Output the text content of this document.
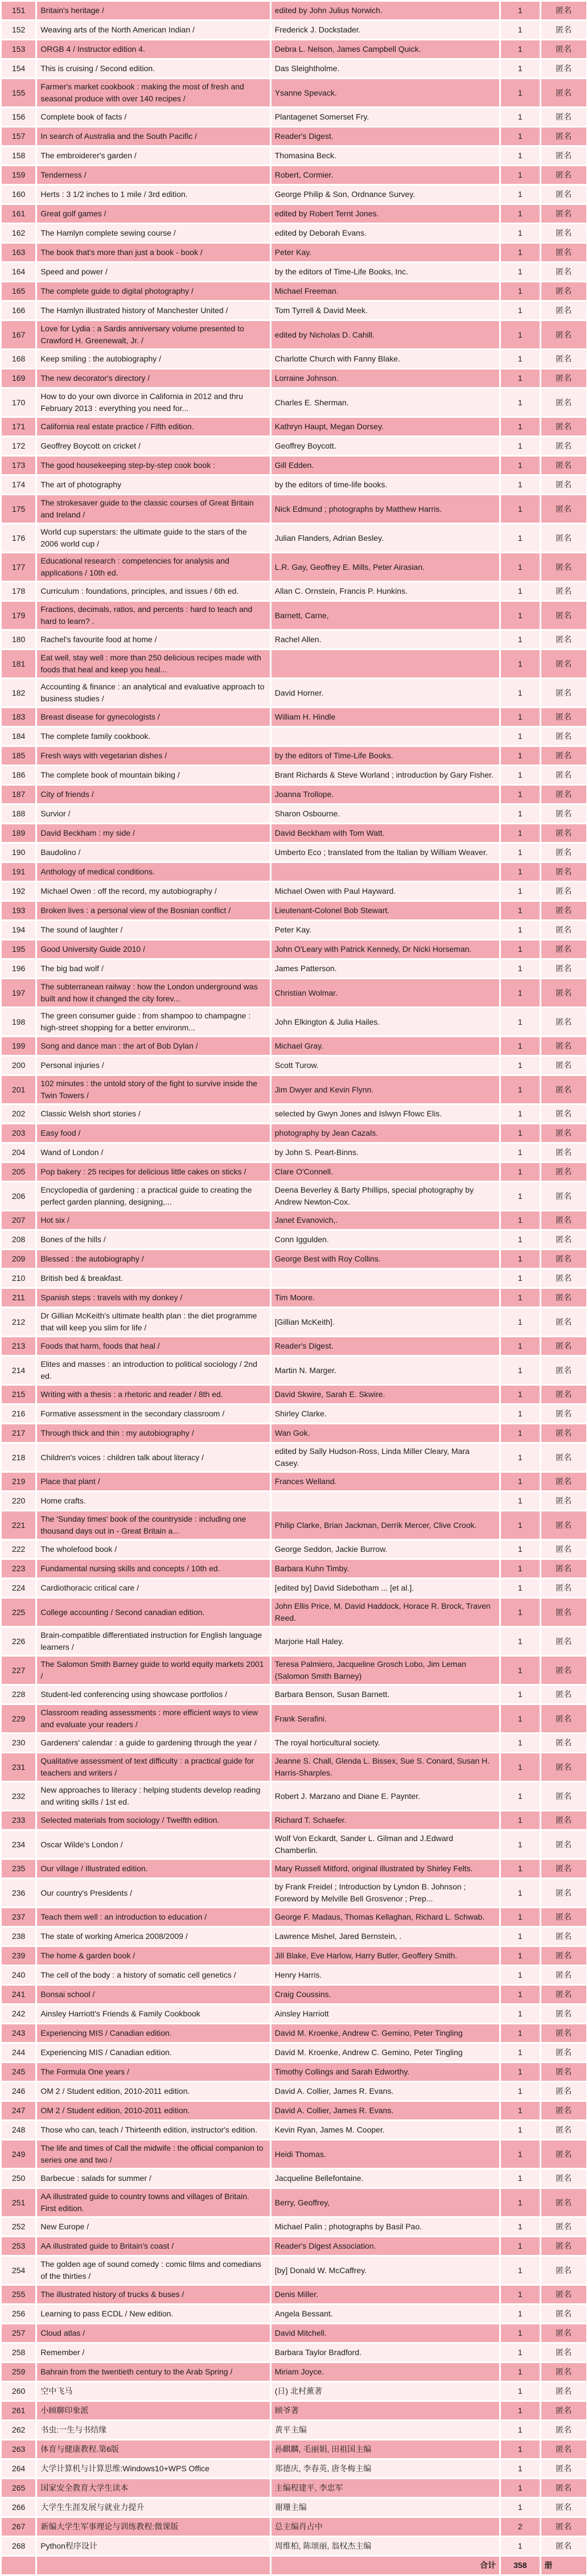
151	Britain's heritage /	edited by John Julius Norwich.	1	匿名
152	Weaving arts of the North American Indian /	Frederick J. Dockstader.	1	匿名
153	ORGB 4 / Instructor edition 4.	Debra L. Nelson, James Campbell Quick.	1	匿名
154	This is cruising / Second edition.	Das Sleightholme.	1	匿名
155	Farmer's market cookbook : making the most of fresh and seasonal produce with over 140 recipes /	Ysanne Spevack.	1	匿名
156	Complete book of facts /	Plantagenet Somerset Fry.	1	匿名
157	In search of Australia and the South Pacific /	Reader's Digest.	1	匿名
158	The embroiderer's garden /	Thomasina Beck.	1	匿名
159	Tenderness /	Robert, Cormier.	1	匿名
160	Herts : 3 1/2 inches to 1 mile / 3rd edition.	George Philip & Son, Ordnance Survey.	1	匿名
161	Great golf games /	edited by Robert Ternt Jones.	1	匿名
162	The Hamlyn complete sewing course /	edited by Deborah Evans.	1	匿名
163	The book that's more than just a book - book /	Peter Kay.	1	匿名
164	Speed and power /	by the editors of Time-Life Books, Inc.	1	匿名
165	The complete guide to digital photography /	Michael Freeman.	1	匿名
166	The Hamlyn illustrated history of Manchester United /	Tom Tyrrell & David Meek.	1	匿名
167	Love for Lydia : a Sardis anniversary volume presented to Crawford H. Greenewalt, Jr. /	edited by Nicholas D. Cahill.	1	匿名
168	Keep smiling : the autobiography /	Charlotte Church with Fanny Blake.	1	匿名
169	The new decorator's directory /	Lorraine Johnson.	1	匿名
170	How to do your own divorce in California in 2012 and thru February 2013 : everything you need for...	Charles E. Sherman.	1	匿名
171	California real estate practice / Fifth edition.	Kathryn Haupt, Megan Dorsey.	1	匿名
172	Geoffrey Boycott on cricket /	Geoffrey Boycott.	1	匿名
173	The good housekeeping step-by-step cook book :	Gill Edden.	1	匿名
174	The art of photography	by the editors of time-life books.	1	匿名
175	The strokesaver guide to the classic courses of Great Britain and Ireland /	Nick Edmund ; photographs by Matthew Harris.	1	匿名
176	World cup superstars: the ultimate guide to the stars of the 2006 world cup /	Julian Flanders, Adrian Besley.	1	匿名
177	Educational research : competencies for analysis and applications / 10th ed.	L.R. Gay, Geoffrey E. Mills, Peter Airasian.	1	匿名
178	Curriculum : foundations, principles, and issues / 6th ed.	Allan C. Ornstein, Francis P. Hunkins.	1	匿名
179	Fractions, decimals, ratios, and percents : hard to teach and hard to learn? .	Barnett, Carne,	1	匿名
180	Rachel's favourite food at home /	Rachel Allen.	1	匿名
181	Eat well, stay well : more than 250 delicious recipes made with foods that heal and keep you heal...		1	匿名
182	Accounting & finance : an analytical and evaluative approach to business studies /	David Horner.	1	匿名
183	Breast disease for gynecologists /	William H. Hindle	1	匿名
184	The complete family cookbook.		1	匿名
185	Fresh ways with vegetarian dishes /	by the editors of Time-Life Books.	1	匿名
186	The complete book of mountain biking /	Brant Richards & Steve Worland ; introduction by Gary Fisher.	1	匿名
187	City of friends /	Joanna Trollope.	1	匿名
188	Survior /	Sharon Osbourne.	1	匿名
189	David Beckham : my side /	David Beckham with Tom Watt.	1	匿名
190	Baudolino /	Umberto Eco ; translated from the Italian by William Weaver.	1	匿名
191	Anthology of medical conditions.		1	匿名
192	Michael Owen : off the record, my autobiography /	Michael Owen with Paul Hayward.	1	匿名
193	Broken lives : a personal view of the Bosnian conflict /	Lieutenant-Colonel Bob Stewart.	1	匿名
194	The sound of laughter /	Peter Kay.	1	匿名
195	Good University Guide 2010 /	John O'Leary with Patrick Kennedy, Dr Nicki Horseman.	1	匿名
196	The big bad wolf /	James Patterson.	1	匿名
197	The subterranean railway : how the London underground was built and how it changed the city forev...	Christian Wolmar.	1	匿名
198	The green consumer guide : from shampoo to champagne : high-street shopping for a better environm...	John Elkington & Julia Hailes.	1	匿名
199	Song and dance man : the art of Bob Dylan /	Michael Gray.	1	匿名
200	Personal injuries /	Scott Turow.	1	匿名
201	102 minutes : the untold story of the fight to survive inside the Twin Towers /	Jim Dwyer and Kevin Flynn.	1	匿名
202	Classic Welsh short stories /	selected by Gwyn Jones and Islwyn Ffowc Elis.	1	匿名
203	Easy food /	photography by Jean Cazals.	1	匿名
204	Wand of London /	by John S. Peart-Binns.	1	匿名
205	Pop bakery : 25 recipes for delicious little cakes on sticks /	Clare O'Connell.	1	匿名
206	Encyclopedia of gardening : a practical guide to creating the perfect garden planning, designing,...	Deena Beverley & Barty Phillips, special photography by Andrew Newton-Cox.	1	匿名
207	Hot six /	Janet Evanovich,.	1	匿名
208	Bones of the hills /	Conn Iggulden.	1	匿名
209	Blessed : the autobiography /	George Best with Roy Collins.	1	匿名
210	British bed & breakfast.		1	匿名
211	Spanish steps : travels with my donkey /	Tim Moore.	1	匿名
212	Dr Gillian McKeith's ultimate health plan : the diet programme that will keep you slim for life /	[Gillian McKeith].	1	匿名
213	Foods that harm, foods that heal /	Reader's Digest.	1	匿名
214	Elites and masses : an introduction to political sociology / 2nd ed.	Martin N. Marger.	1	匿名
215	Writing with a thesis : a rhetoric and reader / 8th ed.	David Skwire, Sarah E. Skwire.	1	匿名
216	Formative assessment in the secondary classroom /	Shirley Clarke.	1	匿名
217	Through thick and thin : my autobiography /	Wan Gok.	1	匿名
218	Children's voices : children talk about literacy /	edited by Sally Hudson-Ross, Linda Miller Cleary, Mara Casey.	1	匿名
219	Place that plant /	Frances Welland.	1	匿名
220	Home crafts.		1	匿名
221	The 'Sunday times' book of the countryside : including one thousand days out in - Great Britain a...	Philip Clarke, Brian Jackman, Derrik Mercer, Clive Crook.	1	匿名
222	The wholefood book /	George Seddon, Jackie Burrow.	1	匿名
223	Fundamental nursing skills and concepts / 10th ed.	Barbara Kuhn Timby.	1	匿名
224	Cardiothoracic critical care /	[edited by] David Sidebotham ... [et al.].	1	匿名
225	College accounting / Second canadian edition.	John Ellis Price, M. David Haddock, Horace R. Brock, Traven Reed.	1	匿名
226	Brain-compatible differentiated instruction for English language learners /	Marjorie Hall Haley.	1	匿名
227	The Salomon Smith Barney guide to world equity markets 2001 /	Teresa Palmiero, Jacqueline Grosch Lobo, Jim Leman (Salomon Smith Barney)	1	匿名
228	Student-led conferencing using showcase portfolios /	Barbara Benson, Susan Barnett.	1	匿名
229	Classroom reading assessments : more efficient ways to view and evaluate your readers /	Frank Serafini.	1	匿名
230	Gardeners' calendar : a guide to gardening through the year /	The royal horticultural society.	1	匿名
231	Qualitative assessment of text difficulty : a practical guide for teachers and writers /	Jeanne S. Chall, Glenda L. Bissex, Sue S. Conard, Susan H. Harris-Sharples.	1	匿名
232	New approaches to literacy : helping students develop reading and writing skills / 1st ed.	Robert J. Marzano and Diane E. Paynter.	1	匿名
233	Selected materials from sociology / Twelfth edition.	Richard T. Schaefer.	1	匿名
234	Oscar Wilde's London /	Wolf Von Eckardt, Sander L. Gilman and J.Edward Chamberlin.	1	匿名
235	Our village / Illustrated edition.	Mary Russell Mitford, original illustrated by Shirley Felts.	1	匿名
236	Our country's Presidents /	by Frank Freidel ; Introduction by Lyndon B. Johnson ; Foreword by Melville Bell Grosvenor ; Prep...	1	匿名
237	Teach them well : an introduction to education /	George F. Madaus, Thomas Kellaghan, Richard L. Schwab.	1	匿名
238	The state of working America 2008/2009 /	Lawrence Mishel, Jared Bernstein, .	1	匿名
239	The home & garden book /	Jill Blake, Eve Harlow, Harry Butler, Geoffery Smith.	1	匿名
240	The cell of the body : a history of somatic cell genetics /	Henry Harris.	1	匿名
241	Bonsai school /	Craig Coussins.	1	匿名
242	Ainsley Harriott's Friends & Family Cookbook	Ainsley Harriott	1	匿名
243	Experiencing MIS / Canadian edition.	David M. Kroenke, Andrew C. Gemino, Peter Tingling	1	匿名
244	Experiencing MIS / Canadian edition.	David M. Kroenke, Andrew C. Gemino, Peter Tingling	1	匿名
245	The Formula One years /	Timothy Collings and Sarah Edworthy.	1	匿名
246	OM 2 / Student edition, 2010-2011 edition.	David A. Collier, James R. Evans.	1	匿名
247	OM 2 / Student edition, 2010-2011 edition.	David A. Collier, James R. Evans.	1	匿名
248	Those who can, teach / Thirteenth edition, instructor's edition.	Kevin Ryan, James M. Cooper.	1	匿名
249	The life and times of Call the midwife : the official companion to series one and two /	Heidi Thomas.	1	匿名
250	Barbecue : salads for summer /	Jacqueline Bellefontaine.	1	匿名
251	AA illustrated guide to country towns and villages of Britain. First edition.	Berry, Geoffrey,	1	匿名
252	New Europe /	Michael Palin ; photographs by Basil Pao.	1	匿名
253	AA illustrated guide to Britain's coast /	Reader's Digest Association.	1	匿名
254	The golden age of sound comedy : comic films and comedians of the thirties /	[by] Donald W. McCaffrey.	1	匿名
255	The illustrated history of trucks & buses /	Denis Miller.	1	匿名
256	Learning to pass ECDL / New edition.	Angela Bessant.	1	匿名
257	Cloud atlas /	David Mitchell.	1	匿名
258	Remember /	Barbara Taylor Bradford.	1	匿名
259	Bahrain from the twentieth century to the Arab Spring /	Miriam Joyce.	1	匿名
260	空中飞马	(日) 北村薰著	1	匿名
261	小顾聊印象派	顾爷著	1	匿名
262	书虫:一生与书结缘	黄平主编	1	匿名
263	体育与健康教程.第6版	孙麒麟, 毛丽娟, 田祖国主编	1	匿名
264	大学计算机与计算思维:Windows10+WPS Office	郑德庆, 李春英, 唐冬梅主编	1	匿名
265	国家安全教育大学生读本	主编程建平, 李忠军	1	匿名
266	大学生生涯发展与就业力提升	谢珊主编	1	匿名
267	新编大学生军事理论与训练教程:微课版	总主编肖占中	2	匿名
268	Python程序设计	周维柏, 陈颂丽, 翁权杰主编	1	匿名
		合计	358	册
